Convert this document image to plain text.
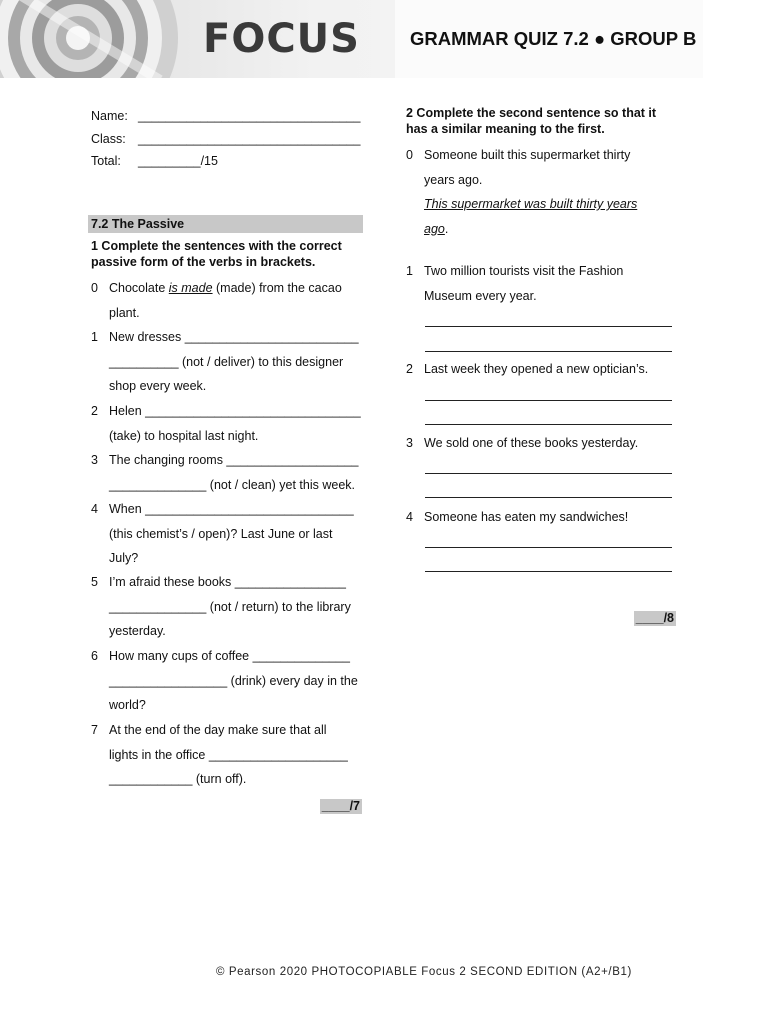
FOCUS	GRAMMAR QUIZ 7.2 ● GROUP B
Name: ________________________________
Class: ________________________________
Total: _________/15
7.2 The Passive
1 Complete the sentences with the correct
passive form of the verbs in brackets.
0 Chocolate is made (made) from the cacao
plant.
1 New dresses _________________________
__________ (not / deliver) to this designer
shop every week.
2 Helen _______________________________
(take) to hospital last night.
3 The changing rooms ___________________
______________ (not / clean) yet this week.
4 When ______________________________
(this chemist’s / open)? Last June or last
July?
5 I’m afraid these books ________________
______________ (not / return) to the library
yesterday.
6 How many cups of coffee ______________
_________________ (drink) every day in the
world?
7 At the end of the day make sure that all
lights in the office ____________________
____________ (turn off).
____/7
2 Complete the second sentence so that it
has a similar meaning to the first.
0 Someone built this supermarket thirty
years ago.
This supermarket was built thirty years
ago.
1 Two million tourists visit the Fashion
Museum every year.
2 Last week they opened a new optician’s.
3 We sold one of these books yesterday.
4 Someone has eaten my sandwiches!
____/8
© Pearson 2020 PHOTOCOPIABLE Focus 2 SECOND EDITION (A2+/B1)
